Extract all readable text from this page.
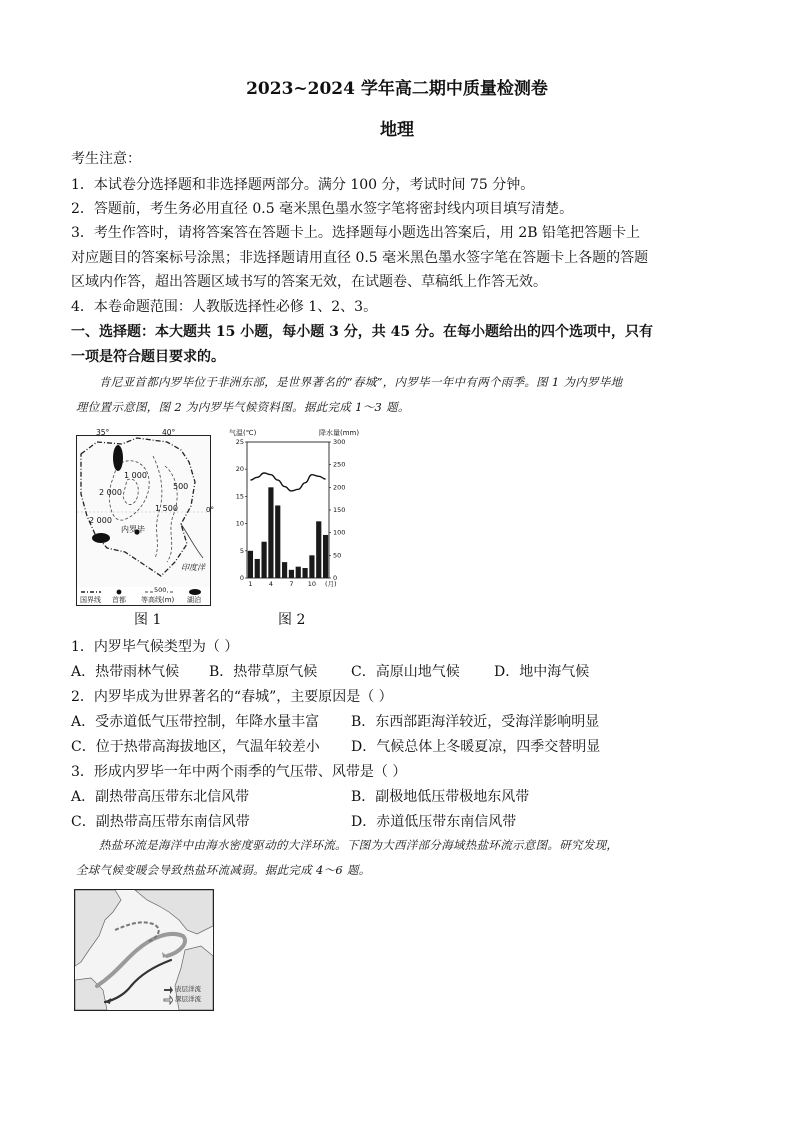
2023~2024 学年高二期中质量检测卷
地理
考生注意：
1．本试卷分选择题和非选择题两部分。满分 100 分，考试时间 75 分钟。
2．答题前，考生务必用直径 0.5 毫米黑色墨水签字笔将密封线内项目填写清楚。
3．考生作答时，请将答案答在答题卡上。选择题每小题选出答案后，用 2B 铅笔把答题卡上
对应题目的答案标号涂黑；非选择题请用直径 0.5 毫米黑色墨水签字笔在答题卡上各题的答题
区域内作答，超出答题区域书写的答案无效，在试题卷、草稿纸上作答无效。
4．本卷命题范围：人教版选择性必修 1、2、3。
一、选择题：本大题共 15 小题，每小题 3 分，共 45 分。在每小题给出的四个选项中，只有
一项是符合题目要求的。
肯尼亚首都内罗毕位于非洲东部，是世界著名的“春城”，内罗毕一年中有两个雨季。图 1 为内罗毕地
理位置示意图，图 2 为内罗毕气候资料图。据此完成 1～3 题。
1 000
2 000
2 000
500
1 500
内罗毕
印度洋
0°
35°	40°
500
国界线 首都 等高线(m) 湖泊
图 1
0
5
10
15
20
25
0
50
100
150
200
250
300
1	4	7 10 (月)
气温(℃)	降水量(mm)
图 2
1．内罗毕气候类型为（ ）
A．热带雨林气候 B．热带草原气候 C．高原山地气候 D．地中海气候
2．内罗毕成为世界著名的“春城”，主要原因是（ ）
A．受赤道低气压带控制，年降水量丰富 B．东西部距海洋较近，受海洋影响明显
C．位于热带高海拔地区，气温年较差小 D．气候总体上冬暖夏凉，四季交替明显
3．形成内罗毕一年中两个雨季的气压带、风带是（ ）
A．副热带高压带东北信风带	B．副极地低压带极地东风带
C．副热带高压带东南信风带	D．赤道低压带东南信风带
热盐环流是海洋中由海水密度驱动的大洋环流。下图为大西洋部分海域热盐环流示意图。研究发现，
全球气候变暖会导致热盐环流减弱。据此完成 4～6 题。
表层洋流
深层洋流
